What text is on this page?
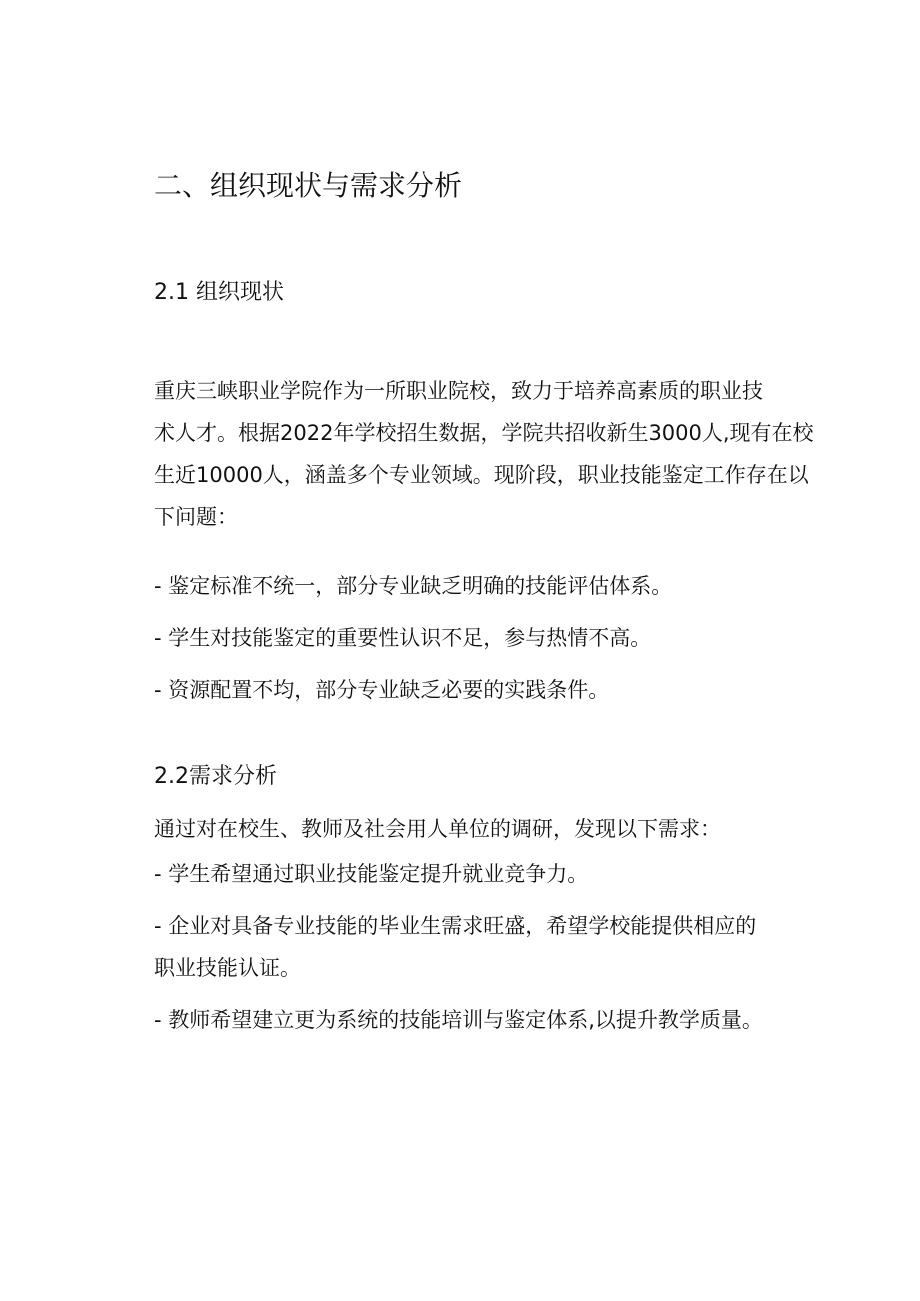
二、组织现状与需求分析
2.1 组织现状

重庆三峡职业学院作为一所职业院校，致力于培养高素质的职业技
术人才。根据2022年学校招生数据，学院共招收新生3000人,现有在校
生近10000人，涵盖多个专业领域。现阶段，职业技能鉴定工作存在以
下问题：

- 鉴定标准不统一，部分专业缺乏明确的技能评估体系。
- 学生对技能鉴定的重要性认识不足，参与热情不高。
- 资源配置不均，部分专业缺乏必要的实践条件。
2.2需求分析

通过对在校生、教师及社会用人单位的调研，发现以下需求：

- 学生希望通过职业技能鉴定提升就业竞争力。
- 企业对具备专业技能的毕业生需求旺盛，希望学校能提供相应的
职业技能认证。
- 教师希望建立更为系统的技能培训与鉴定体系,以提升教学质量。
